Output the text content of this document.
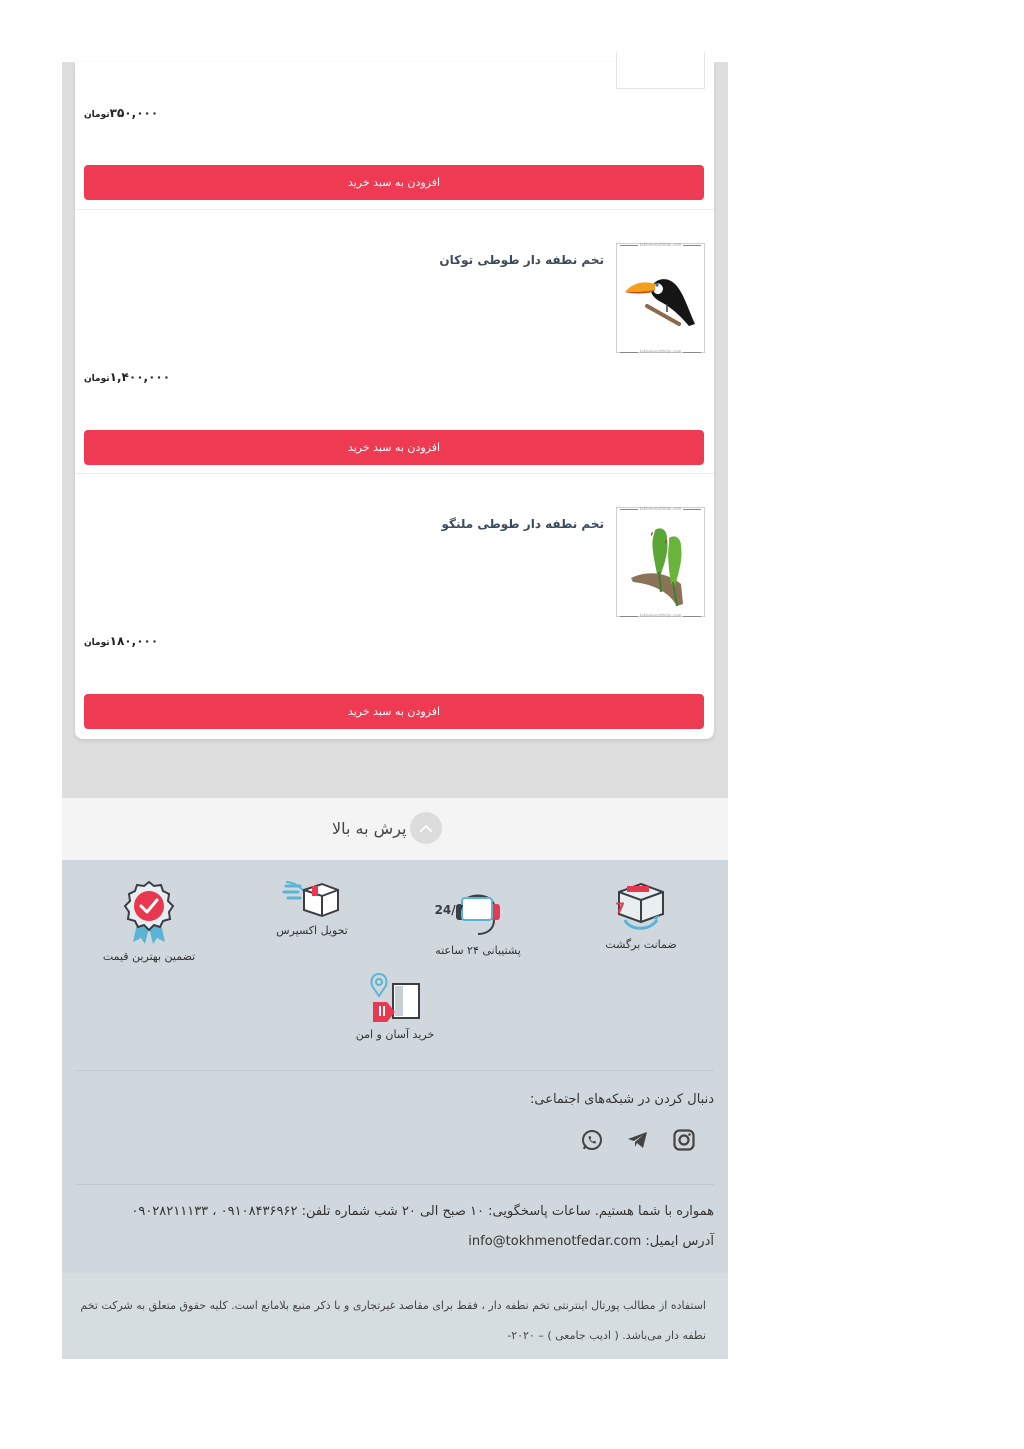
۳۵۰,۰۰۰تومان
افزودن به سبد خرید
tokhmenotfedar.com
tokhmenotfedar.com
تخم نطفه دار طوطی توکان
۱,۴۰۰,۰۰۰تومان
افزودن به سبد خرید
tokhmenotfedar.com
tokhmenotfedar.com
تخم نطفه دار طوطی ملنگو
۱۸۰,۰۰۰تومان
افزودن به سبد خرید
پرش به بالا
7
ضمانت برگشت
24/7
پشتیبانی ۲۴ ساعته
تحویل اکسپرس
تضمین بهترین قیمت
خرید آسان و امن
دنبال کردن در شبکه‌های اجتماعی:
همواره با شما هستیم. ساعات پاسخگویی: ۱۰ صبح الی ۲۰ شب شماره تلفن: ۰۹۱۰۸۴۳۶۹۶۲ ، ۰۹۰۲۸۲۱۱۱۳۳
آدرس ایمیل: info@tokhmenotfedar.com
استفاده از مطالب پورتال اینترنتی تخم نطفه دار ، فقط برای مقاصد غیرتجاری و با ذکر منبع بلامانع است. کلیه حقوق متعلق به شرکت تخم نطفه دار می‌باشد. ( ادیب جامعی ) – ۲۰۲۰-
